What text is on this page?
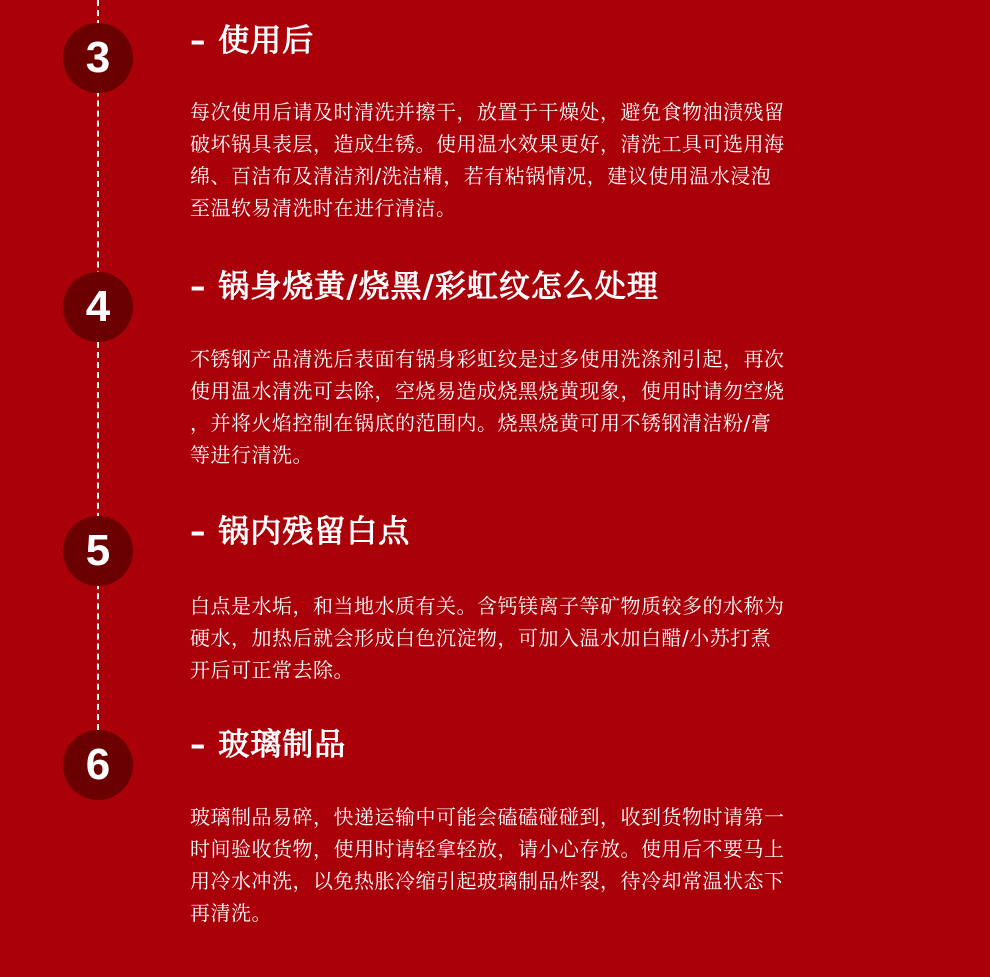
3	– 使用后
每次使用后请及时清洗并擦干，放置于干燥处，避免食物油渍残留
破坏锅具表层，造成生锈。使用温水效果更好，清洗工具可选用海
绵、百洁布及清洁剂/洗洁精，若有粘锅情况，建议使用温水浸泡
至温软易清洗时在进行清洁。
4	– 锅身烧黄/烧黑/彩虹纹怎么处理
不锈钢产品清洗后表面有锅身彩虹纹是过多使用洗涤剂引起，再次
使用温水清洗可去除，空烧易造成烧黑烧黄现象，使用时请勿空烧
，并将火焰控制在锅底的范围内。烧黑烧黄可用不锈钢清洁粉/膏
等进行清洗。
5	– 锅内残留白点
白点是水垢，和当地水质有关。含钙镁离子等矿物质较多的水称为
硬水，加热后就会形成白色沉淀物，可加入温水加白醋/小苏打煮
开后可正常去除。
6	– 玻璃制品
玻璃制品易碎，快递运输中可能会磕磕碰碰到，收到货物时请第一
时间验收货物，使用时请轻拿轻放，请小心存放。使用后不要马上
用冷水冲洗，以免热胀冷缩引起玻璃制品炸裂，待冷却常温状态下
再清洗。
